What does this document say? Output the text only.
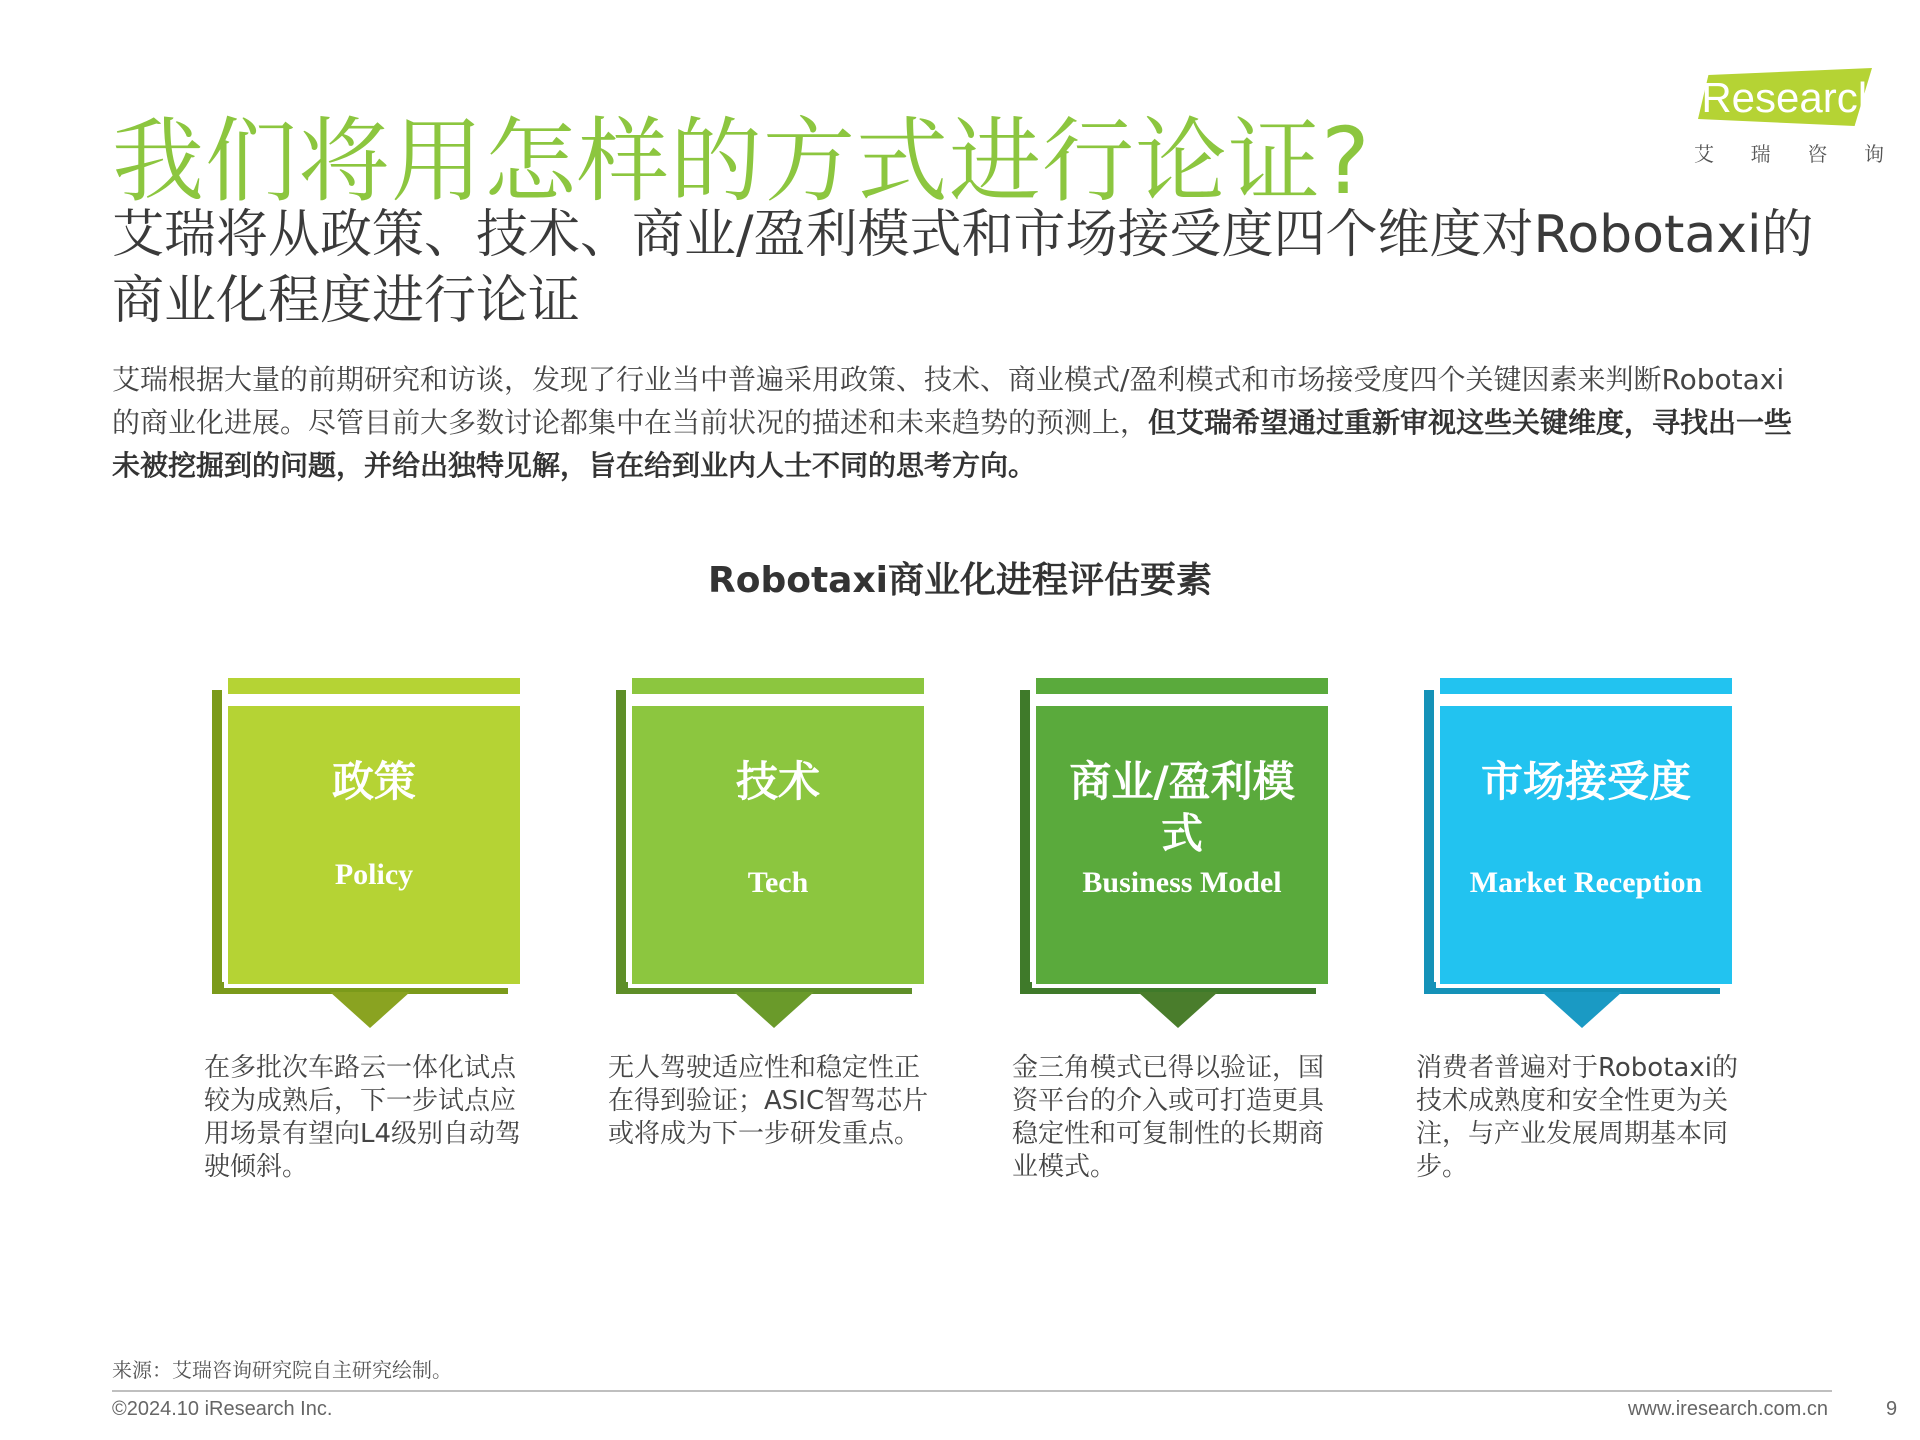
我们将用怎样的方式进行论证?
iResearch
艾 瑞 咨 询
艾瑞将从政策、技术、商业/盈利模式和市场接受度四个维度对Robotaxi的商业化程度进行论证

艾瑞根据大量的前期研究和访谈，发现了行业当中普遍采用政策、技术、商业模式/盈利模式和市场接受度四个关键因素来判断Robotaxi的商业化进展。尽管目前大多数讨论都集中在当前状况的描述和未来趋势的预测上，但艾瑞希望通过重新审视这些关键维度，寻找出一些未被挖掘到的问题，并给出独特见解，旨在给到业内人士不同的思考方向。

Robotaxi商业化进程评估要素
政策
Policy
技术
Tech
商业/盈利模式
Business Model
市场接受度
Market Reception

在多批次车路云一体化试点较为成熟后，下一步试点应用场景有望向L4级别自动驾驶倾斜。

无人驾驶适应性和稳定性正在得到验证；ASIC智驾芯片或将成为下一步研发重点。

金三角模式已得以验证，国资平台的介入或可打造更具稳定性和可复制性的长期商业模式。

消费者普遍对于Robotaxi的技术成熟度和安全性更为关注，与产业发展周期基本同步。

来源：艾瑞咨询研究院自主研究绘制。

©2024.10 iResearch Inc.	www.iresearch.com.cn	9
